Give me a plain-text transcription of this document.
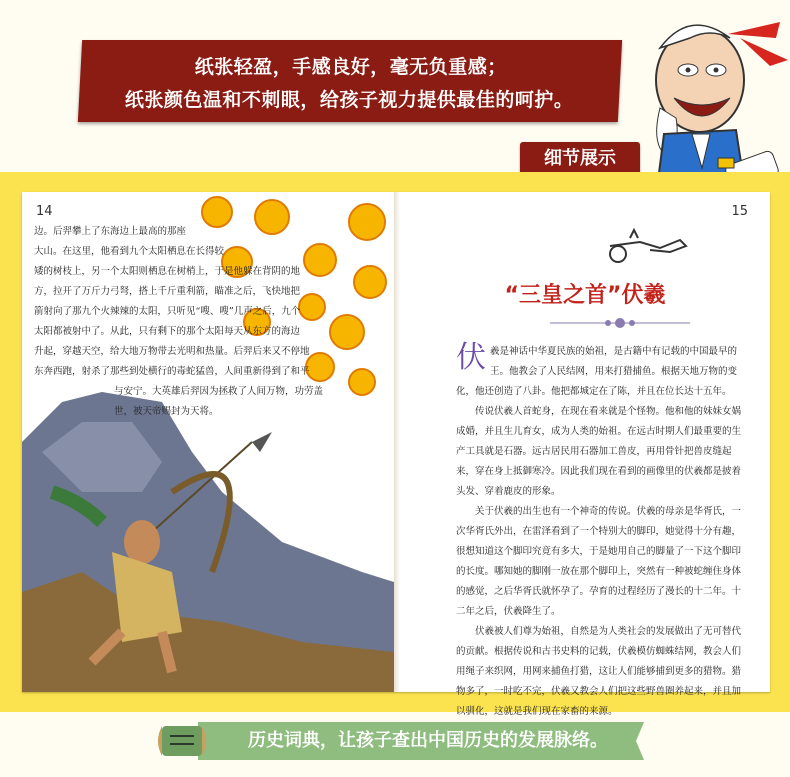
纸张轻盈，手感良好，毫无负重感；
纸张颜色温和不刺眼，给孩子视力提供最佳的呵护。
细节展示
14

边。后羿攀上了东海边上最高的那座

大山。在这里，他看到九个太阳栖息在长得较

矮的树枝上，另一个太阳则栖息在树梢上，于是他躲在背阴的地

方，拉开了万斤力弓弩，搭上千斤重利箭，瞄准之后，飞快地把

箭射向了那九个火辣辣的太阳，只听见“嗖、嗖”几声之后，九个

太阳都被射中了。从此，只有剩下的那个太阳每天从东方的海边

升起，穿越天空，给大地万物带去光明和热量。后羿后来又不停地

东奔西跑，射杀了那些到处横行的毒蛇猛兽，人间重新得到了和平

与安宁。大英雄后羿因为拯救了人间万物，功劳盖

世，被天帝赐封为天将。

15
“三皇之首”伏羲

伏羲是神话中华夏民族的始祖，是古籍中有记载的中国最早的王。他教会了人民结网，用来打猎捕鱼。根据天地万物的变化，他还创造了八卦。他把都城定在了陈，并且在位长达十五年。

传说伏羲人首蛇身，在现在看来就是个怪物。他和他的妹妹女娲成婚，并且生儿育女，成为人类的始祖。在远古时期人们最重要的生产工具就是石器。远古居民用石器加工兽皮，再用骨针把兽皮缝起来，穿在身上抵御寒冷。因此我们现在看到的画像里的伏羲都是披着头发、穿着鹿皮的形象。

关于伏羲的出生也有一个神奇的传说。伏羲的母亲是华胥氏，一次华胥氏外出，在雷泽看到了一个特别大的脚印，她觉得十分有趣，很想知道这个脚印究竟有多大，于是她用自己的脚量了一下这个脚印的长度。哪知她的脚刚一放在那个脚印上，突然有一种被蛇缠住身体的感觉，之后华胥氏就怀孕了。孕育的过程经历了漫长的十二年。十二年之后，伏羲降生了。

伏羲被人们尊为始祖，自然是为人类社会的发展做出了无可替代的贡献。根据传说和古书史料的记载，伏羲模仿蜘蛛结网，教会人们用绳子来织网，用网来捕鱼打猎，这让人们能够捕到更多的猎物。猎物多了，一时吃不完，伏羲又教会人们把这些野兽圈养起来，并且加以驯化，这就是我们现在家畜的来源。

历史词典，让孩子查出中国历史的发展脉络。
